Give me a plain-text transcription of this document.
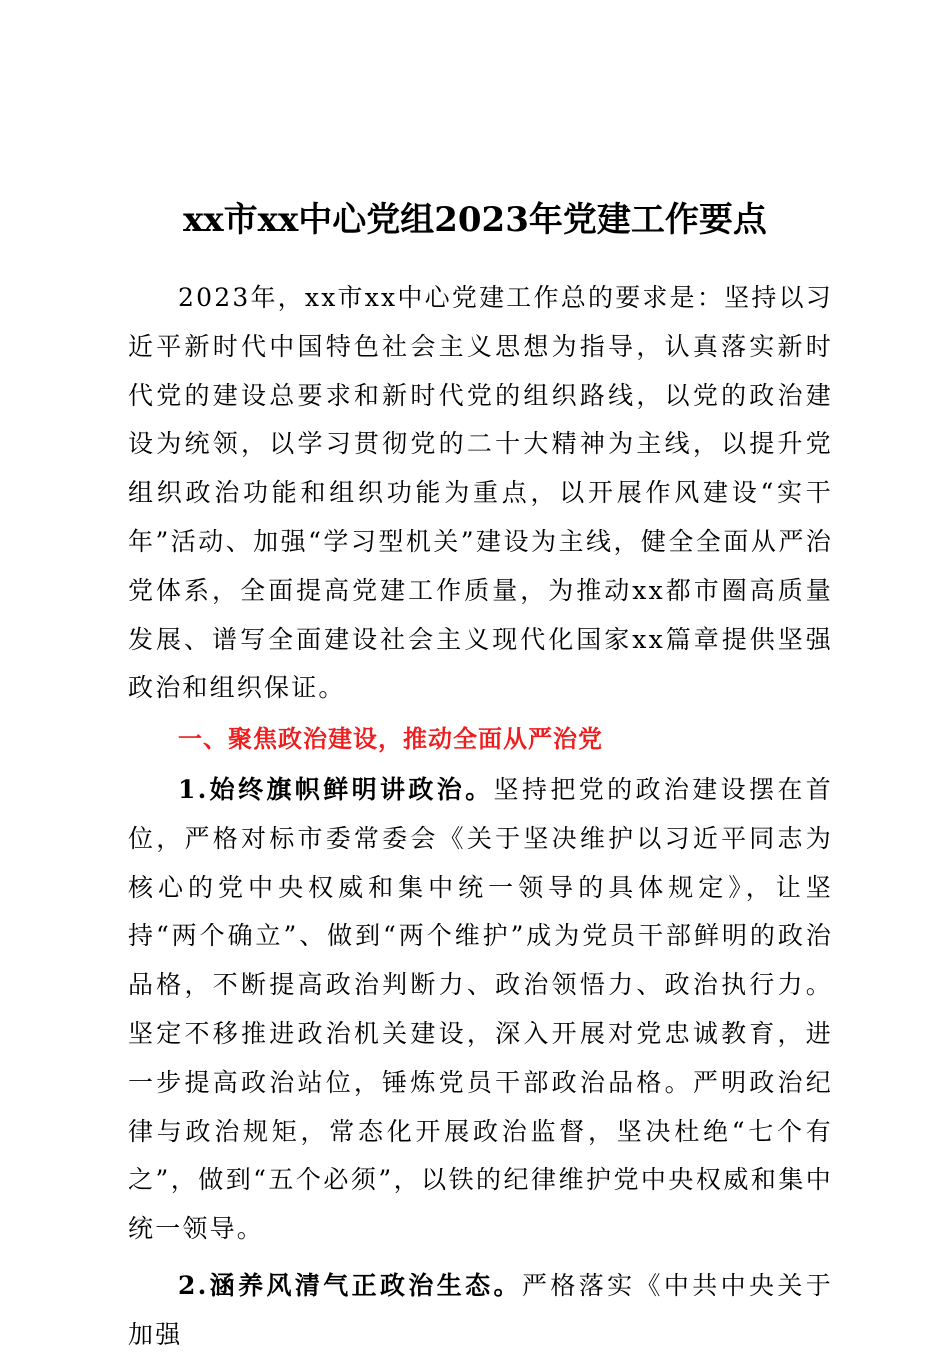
xx市xx中心党组2023年党建工作要点

2023年，xx市xx中心党建工作总的要求是：坚持以习近平新时代中国特色社会主义思想为指导，认真落实新时代党的建设总要求和新时代党的组织路线，以党的政治建设为统领，以学习贯彻党的二十大精神为主线，以提升党组织政治功能和组织功能为重点，以开展作风建设“实干年”活动、加强“学习型机关”建设为主线，健全全面从严治党体系，全面提高党建工作质量，为推动xx都市圈高质量发展、谱写全面建设社会主义现代化国家xx篇章提供坚强政治和组织保证。

一、聚焦政治建设，推动全面从严治党

1.始终旗帜鲜明讲政治。坚持把党的政治建设摆在首位，严格对标市委常委会《关于坚决维护以习近平同志为核心的党中央权威和集中统一领导的具体规定》，让坚持“两个确立”、做到“两个维护”成为党员干部鲜明的政治品格，不断提高政治判断力、政治领悟力、政治执行力。坚定不移推进政治机关建设，深入开展对党忠诚教育，进一步提高政治站位，锤炼党员干部政治品格。严明政治纪律与政治规矩，常态化开展政治监督，坚决杜绝“七个有之”，做到“五个必须”，以铁的纪律维护党中央权威和集中统一领导。

2.涵养风清气正政治生态。严格落实《中共中央关于加强
